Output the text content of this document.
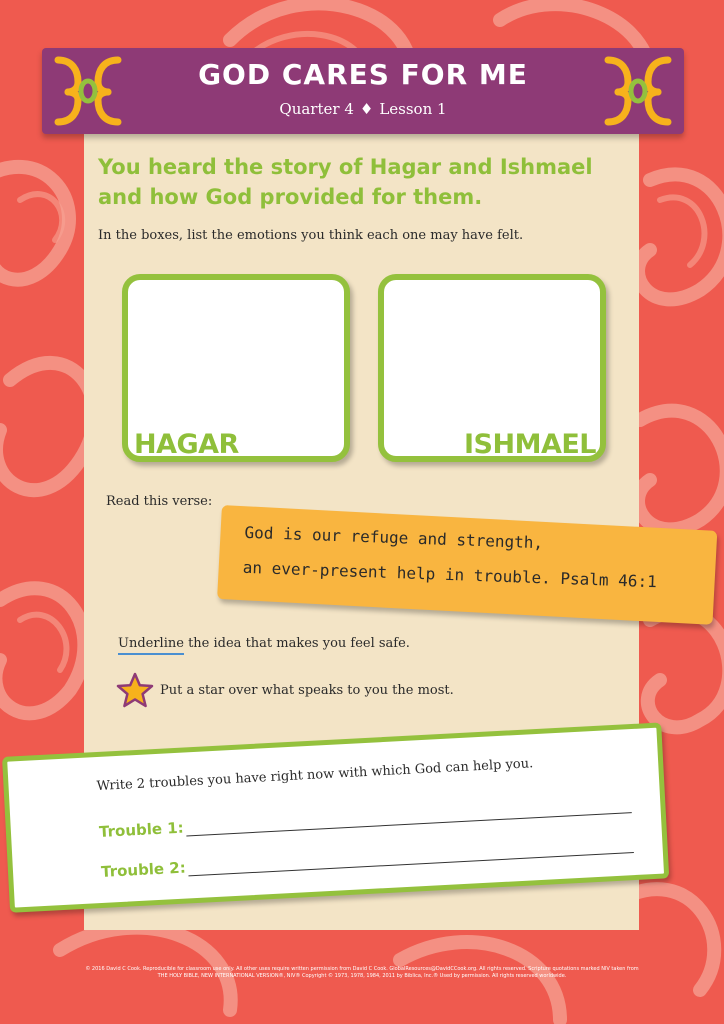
GOD CARES FOR ME
Quarter 4 ♦ Lesson 1
You heard the story of Hagar and Ishmael
and how God provided for them.
In the boxes, list the emotions you think each one may have felt.
HAGAR	ISHMAEL
Read this verse:
God is our refuge and strength,
an ever-present help in trouble. Psalm 46:1
Underline the idea that makes you feel safe.
Put a star over what speaks to you the most.
Write 2 troubles you have right now with which God can help you.
Trouble 1:
Trouble 2:
© 2016 David C Cook. Reproducible for classroom use only. All other uses require written permission from David C Cook. GlobalResources@DavidCCook.org. All rights reserved. Scripture quotations marked NIV taken from
THE HOLY BIBLE, NEW INTERNATIONAL VERSION®, NIV® Copyright © 1973, 1978, 1984, 2011 by Biblica, Inc.® Used by permission. All rights reserved worldwide.
